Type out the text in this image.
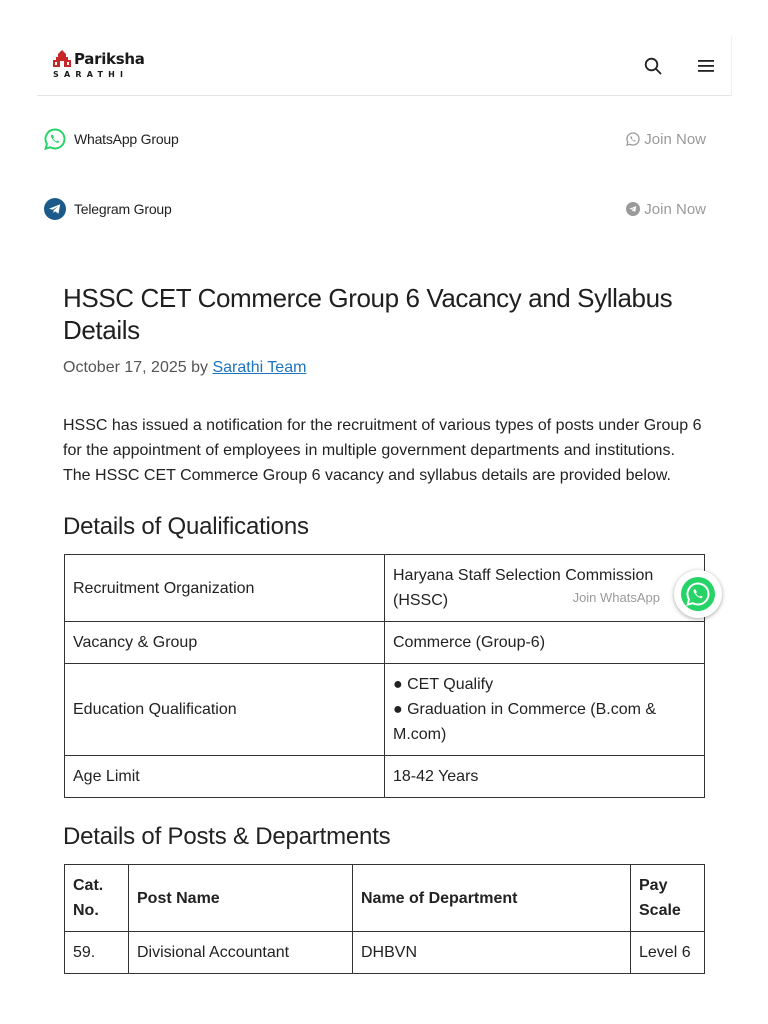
Pariksha
SARATHI
WhatsApp Group	Join Now
Telegram Group	Join Now
HSSC CET Commerce Group 6 Vacancy and Syllabus Details
October 17, 2025 by Sarathi Team

HSSC has issued a notification for the recruitment of various types of posts under Group 6 for the appointment of employees in multiple government departments and institutions. The HSSC CET Commerce Group 6 vacancy and syllabus details are provided below.

Details of Qualifications
Recruitment Organization	Haryana Staff Selection Commission (HSSC)
Vacancy & Group	Commerce (Group-6)
Education Qualification	● CET Qualify
● Graduation in Commerce (B.com & M.com)

Age Limit	18-42 Years
Details of Posts & Departments
Cat. No.	Post Name	Name of Department	Pay Scale
59.	Divisional Accountant	DHBVN	Level 6
Join WhatsApp
